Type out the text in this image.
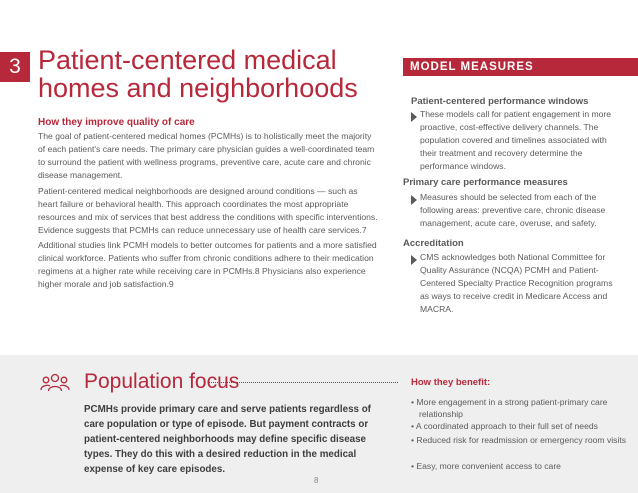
3 Patient-centered medical homes and neighborhoods
How they improve quality of care
The goal of patient-centered medical homes (PCMHs) is to holistically meet the majority of each patient's care needs. The primary care physician guides a well-coordinated team to surround the patient with wellness programs, preventive care, acute care and chronic disease management.
Patient-centered medical neighborhoods are designed around conditions — such as heart failure or behavioral health. This approach coordinates the most appropriate resources and mix of services that best address the conditions with specific interventions. Evidence suggests that PCMHs can reduce unnecessary use of health care services.7
Additional studies link PCMH models to better outcomes for patients and a more satisfied clinical workforce. Patients who suffer from chronic conditions adhere to their medication regimens at a higher rate while receiving care in PCMHs.8 Physicians also experience higher morale and job satisfaction.9
MODEL MEASURES
Patient-centered performance windows
These models call for patient engagement in more proactive, cost-effective delivery channels. The population covered and timelines associated with their treatment and recovery determine the performance windows.
Primary care performance measures
Measures should be selected from each of the following areas: preventive care, chronic disease management, acute care, overuse, and safety.
Accreditation
CMS acknowledges both National Committee for Quality Assurance (NCQA) PCMH and Patient-Centered Specialty Practice Recognition programs as ways to receive credit in Medicare Access and MACRA.
Population focus
PCMHs provide primary care and serve patients regardless of care population or type of episode. But payment contracts or patient-centered neighborhoods may define specific disease types. They do this with a desired reduction in the medical expense of key care episodes.
How they benefit:
• More engagement in a strong patient-primary care relationship
• A coordinated approach to their full set of needs
• Reduced risk for readmission or emergency room visits
• Easy, more convenient access to care
8
